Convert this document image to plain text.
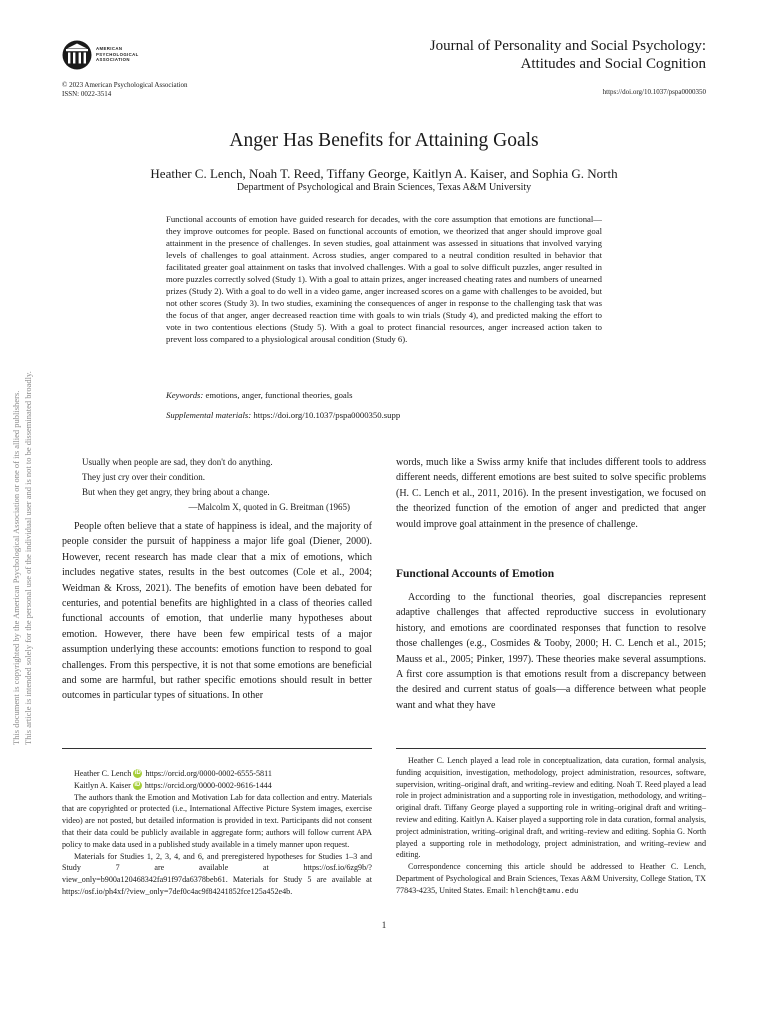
AMERICAN
PSYCHOLOGICAL
ASSOCIATION
Journal of Personality and Social Psychology:
Attitudes and Social Cognition
© 2023 American Psychological Association
ISSN: 0022-3514	https://doi.org/10.1037/pspa0000350
Anger Has Benefits for Attaining Goals
Heather C. Lench, Noah T. Reed, Tiffany George, Kaitlyn A. Kaiser, and Sophia G. North
Department of Psychological and Brain Sciences, Texas A&M University
Functional accounts of emotion have guided research for decades, with the core assumption that emotions are functional—they improve outcomes for people. Based on functional accounts of emotion, we theorized that anger should improve goal attainment in the presence of challenges. In seven studies, goal attainment was assessed in situations that involved varying levels of challenges to goal attainment. Across studies, anger compared to a neutral condition resulted in behavior that facilitated greater goal attainment on tasks that involved challenges. With a goal to solve difficult puzzles, anger resulted in more puzzles correctly solved (Study 1). With a goal to attain prizes, anger increased cheating rates and numbers of unearned prizes (Study 2). With a goal to do well in a video game, anger increased scores on a game with challenges to be avoided, but not other scores (Study 3). In two studies, examining the consequences of anger in response to the challenging task that was the focus of that anger, anger decreased reaction time with goals to win trials (Study 4), and predicted making the effort to vote in two contentious elections (Study 5). With a goal to protect financial resources, anger increased action taken to prevent loss compared to a physiological arousal condition (Study 6).
Keywords: emotions, anger, functional theories, goals
Supplemental materials: https://doi.org/10.1037/pspa0000350.supp
Usually when people are sad, they don't do anything.
They just cry over their condition.
But when they get angry, they bring about a change.
—Malcolm X, quoted in G. Breitman (1965)
People often believe that a state of happiness is ideal, and the majority of people consider the pursuit of happiness a major life goal (Diener, 2000). However, recent research has made clear that a mix of emotions, which includes negative states, results in the best outcomes (Cole et al., 2004; Weidman & Kross, 2021). The benefits of emotion have been debated for centuries, and potential benefits are highlighted in a class of theories called functional accounts of emotion, that underlie many hypotheses about emotion. However, there have been few empirical tests of a major assumption underlying these accounts: emotions function to respond to goal challenges. From this perspective, it is not that some emotions are beneficial and some are harmful, but rather specific emotions should result in better outcomes in particular types of situations. In other
words, much like a Swiss army knife that includes different tools to address different needs, different emotions are best suited to solve specific problems (H. C. Lench et al., 2011, 2016). In the present investigation, we focused on the theorized function of the emotion of anger and predicted that anger would improve goal attainment in the presence of challenge.
Functional Accounts of Emotion
According to the functional theories, goal discrepancies represent adaptive challenges that affected reproductive success in evolutionary history, and emotions are coordinated responses that function to resolve those challenges (e.g., Cosmides & Tooby, 2000; H. C. Lench et al., 2015; Mauss et al., 2005; Pinker, 1997). These theories make several assumptions. A first core assumption is that emotions result from a discrepancy between the desired and current status of goals—a difference between what people want and what they have
Heather C. Lench iD https://orcid.org/0000-0002-6555-5811
Kaitlyn A. Kaiser iD https://orcid.org/0000-0002-9616-1444
The authors thank the Emotion and Motivation Lab for data collection and entry. Materials that are copyrighted or protected (i.e., International Affective Picture System images, exercise video) are not posted, but detailed information is provided in text. Participants did not consent that their data could be publicly available in aggregate form; authors will follow current APA policy to make data used in a published study available in a timely manner upon request.
Materials for Studies 1, 2, 3, 4, and 6, and preregistered hypotheses for Studies 1–3 and Study 7 are available at https://osf.io/6zg9b/?view_only=b900a120468342fa91f97da6378beb61. Materials for Study 5 are available at https://osf.io/ph4xf/?view_only=7def0c4ac9f84241852fce125a452e4b.
Heather C. Lench played a lead role in conceptualization, data curation, formal analysis, funding acquisition, investigation, methodology, project administration, resources, software, supervision, writing–original draft, and writing–review and editing. Noah T. Reed played a lead role in project administration and a supporting role in investigation, methodology, and writing–original draft. Tiffany George played a supporting role in writing–original draft and writing–review and editing. Kaitlyn A. Kaiser played a supporting role in data curation, formal analysis, project administration, writing–original draft, and writing–review and editing. Sophia G. North played a supporting role in methodology, project administration, and writing–review and editing.
Correspondence concerning this article should be addressed to Heather C. Lench, Department of Psychological and Brain Sciences, Texas A&M University, College Station, TX 77843-4235, United States. Email: hlench@tamu.edu
1
This document is copyrighted by the American Psychological Association or one of its allied publishers. This article is intended solely for the personal use of the individual user and is not to be disseminated broadly.
